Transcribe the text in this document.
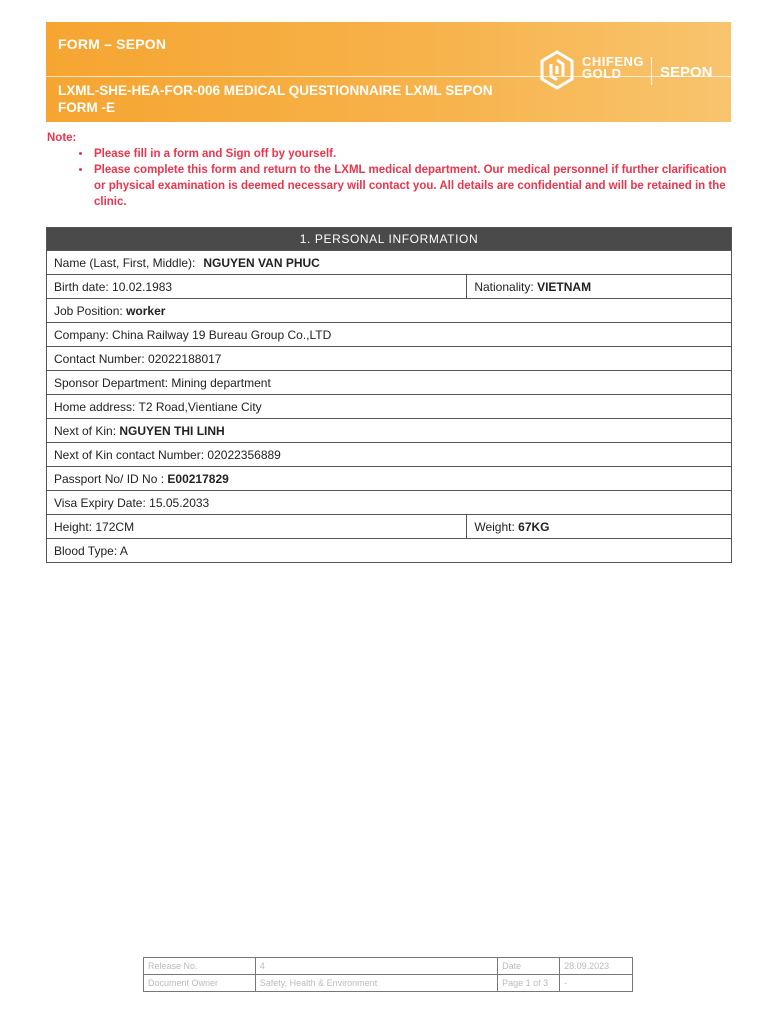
FORM – SEPON
LXML-SHE-HEA-FOR-006 MEDICAL QUESTIONNAIRE LXML SEPON FORM -E
CHIFENG
GOLD	SEPON
Note:
• Please fill in a form and Sign off by yourself.
• Please complete this form and return to the LXML medical department. Our medical personnel if further clarification or physical examination is deemed necessary will contact you. All details are confidential and will be retained in the clinic.
1. PERSONAL INFORMATION	
Name (Last, First, Middle): NGUYEN VAN PHUC	
Birth date: 10.02.1983	Nationality: VIETNAM
Job Position: worker	
Company: China Railway 19 Bureau Group Co.,LTD	
Contact Number: 02022188017	
Sponsor Department: Mining department	
Home address: T2 Road,Vientiane City	
Next of Kin: NGUYEN THI LINH	
Next of Kin contact Number: 02022356889	
Passport No/ ID No : E00217829	
Visa Expiry Date: 15.05.2033	
Height: 172CM	Weight: 67KG
Blood Type: A	
Release No.	4	Date	28.09.2023
Document Owner	Safety, Health & Environment	Page 1 of 3	-
